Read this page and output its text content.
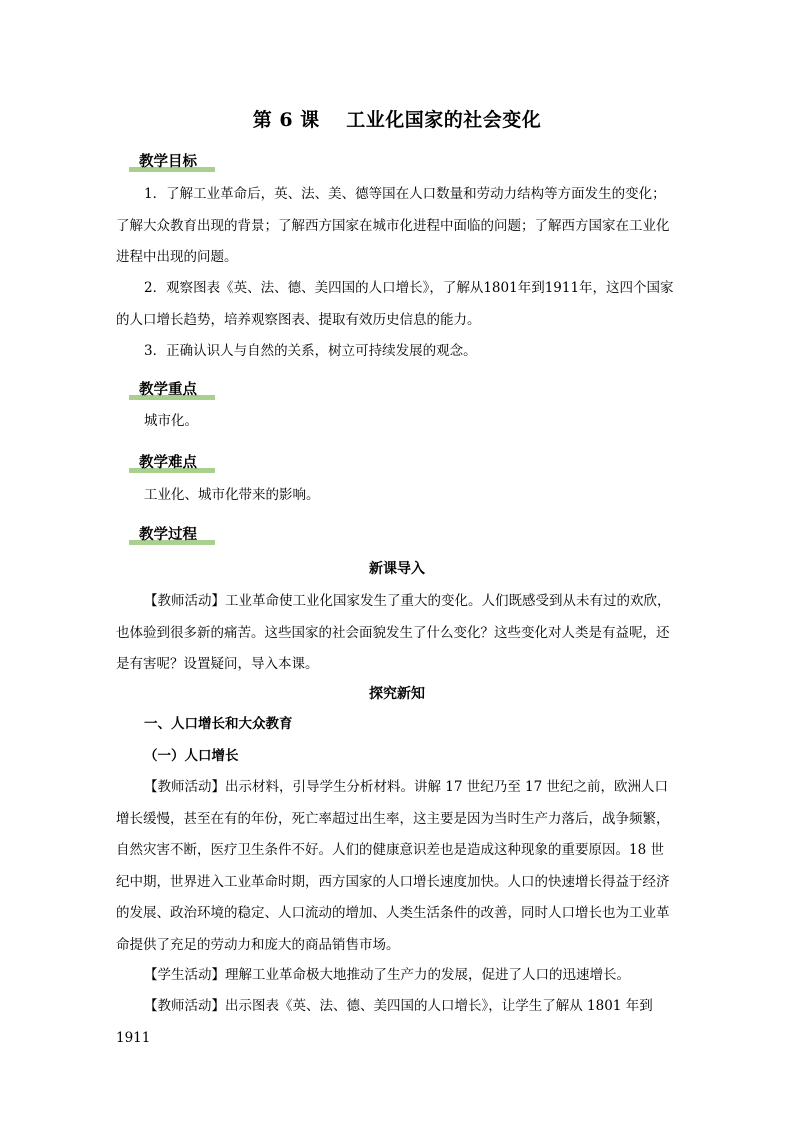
第 6 课　 工业化国家的社会变化
教学目标
1．了解工业革命后，英、法、美、德等国在人口数量和劳动力结构等方面发生的变化；了解大众教育出现的背景；了解西方国家在城市化进程中面临的问题；了解西方国家在工业化进程中出现的问题。
2．观察图表《英、法、德、美四国的人口增长》，了解从1801年到1911年，这四个国家的人口增长趋势，培养观察图表、提取有效历史信息的能力。
3．正确认识人与自然的关系，树立可持续发展的观念。
教学重点
城市化。
教学难点
工业化、城市化带来的影响。
教学过程
新课导入
【教师活动】工业革命使工业化国家发生了重大的变化。人们既感受到从未有过的欢欣，也体验到很多新的痛苦。这些国家的社会面貌发生了什么变化？这些变化对人类是有益呢，还是有害呢？设置疑问，导入本课。
探究新知
一、人口增长和大众教育
（一）人口增长
【教师活动】出示材料，引导学生分析材料。讲解 17 世纪乃至 17 世纪之前，欧洲人口增长缓慢，甚至在有的年份，死亡率超过出生率，这主要是因为当时生产力落后，战争频繁，自然灾害不断，医疗卫生条件不好。人们的健康意识差也是造成这种现象的重要原因。18 世纪中期，世界进入工业革命时期，西方国家的人口增长速度加快。人口的快速增长得益于经济的发展、政治环境的稳定、人口流动的增加、人类生活条件的改善，同时人口增长也为工业革命提供了充足的劳动力和庞大的商品销售市场。
【学生活动】理解工业革命极大地推动了生产力的发展，促进了人口的迅速增长。
【教师活动】出示图表《英、法、德、美四国的人口增长》，让学生了解从 1801 年到 1911
